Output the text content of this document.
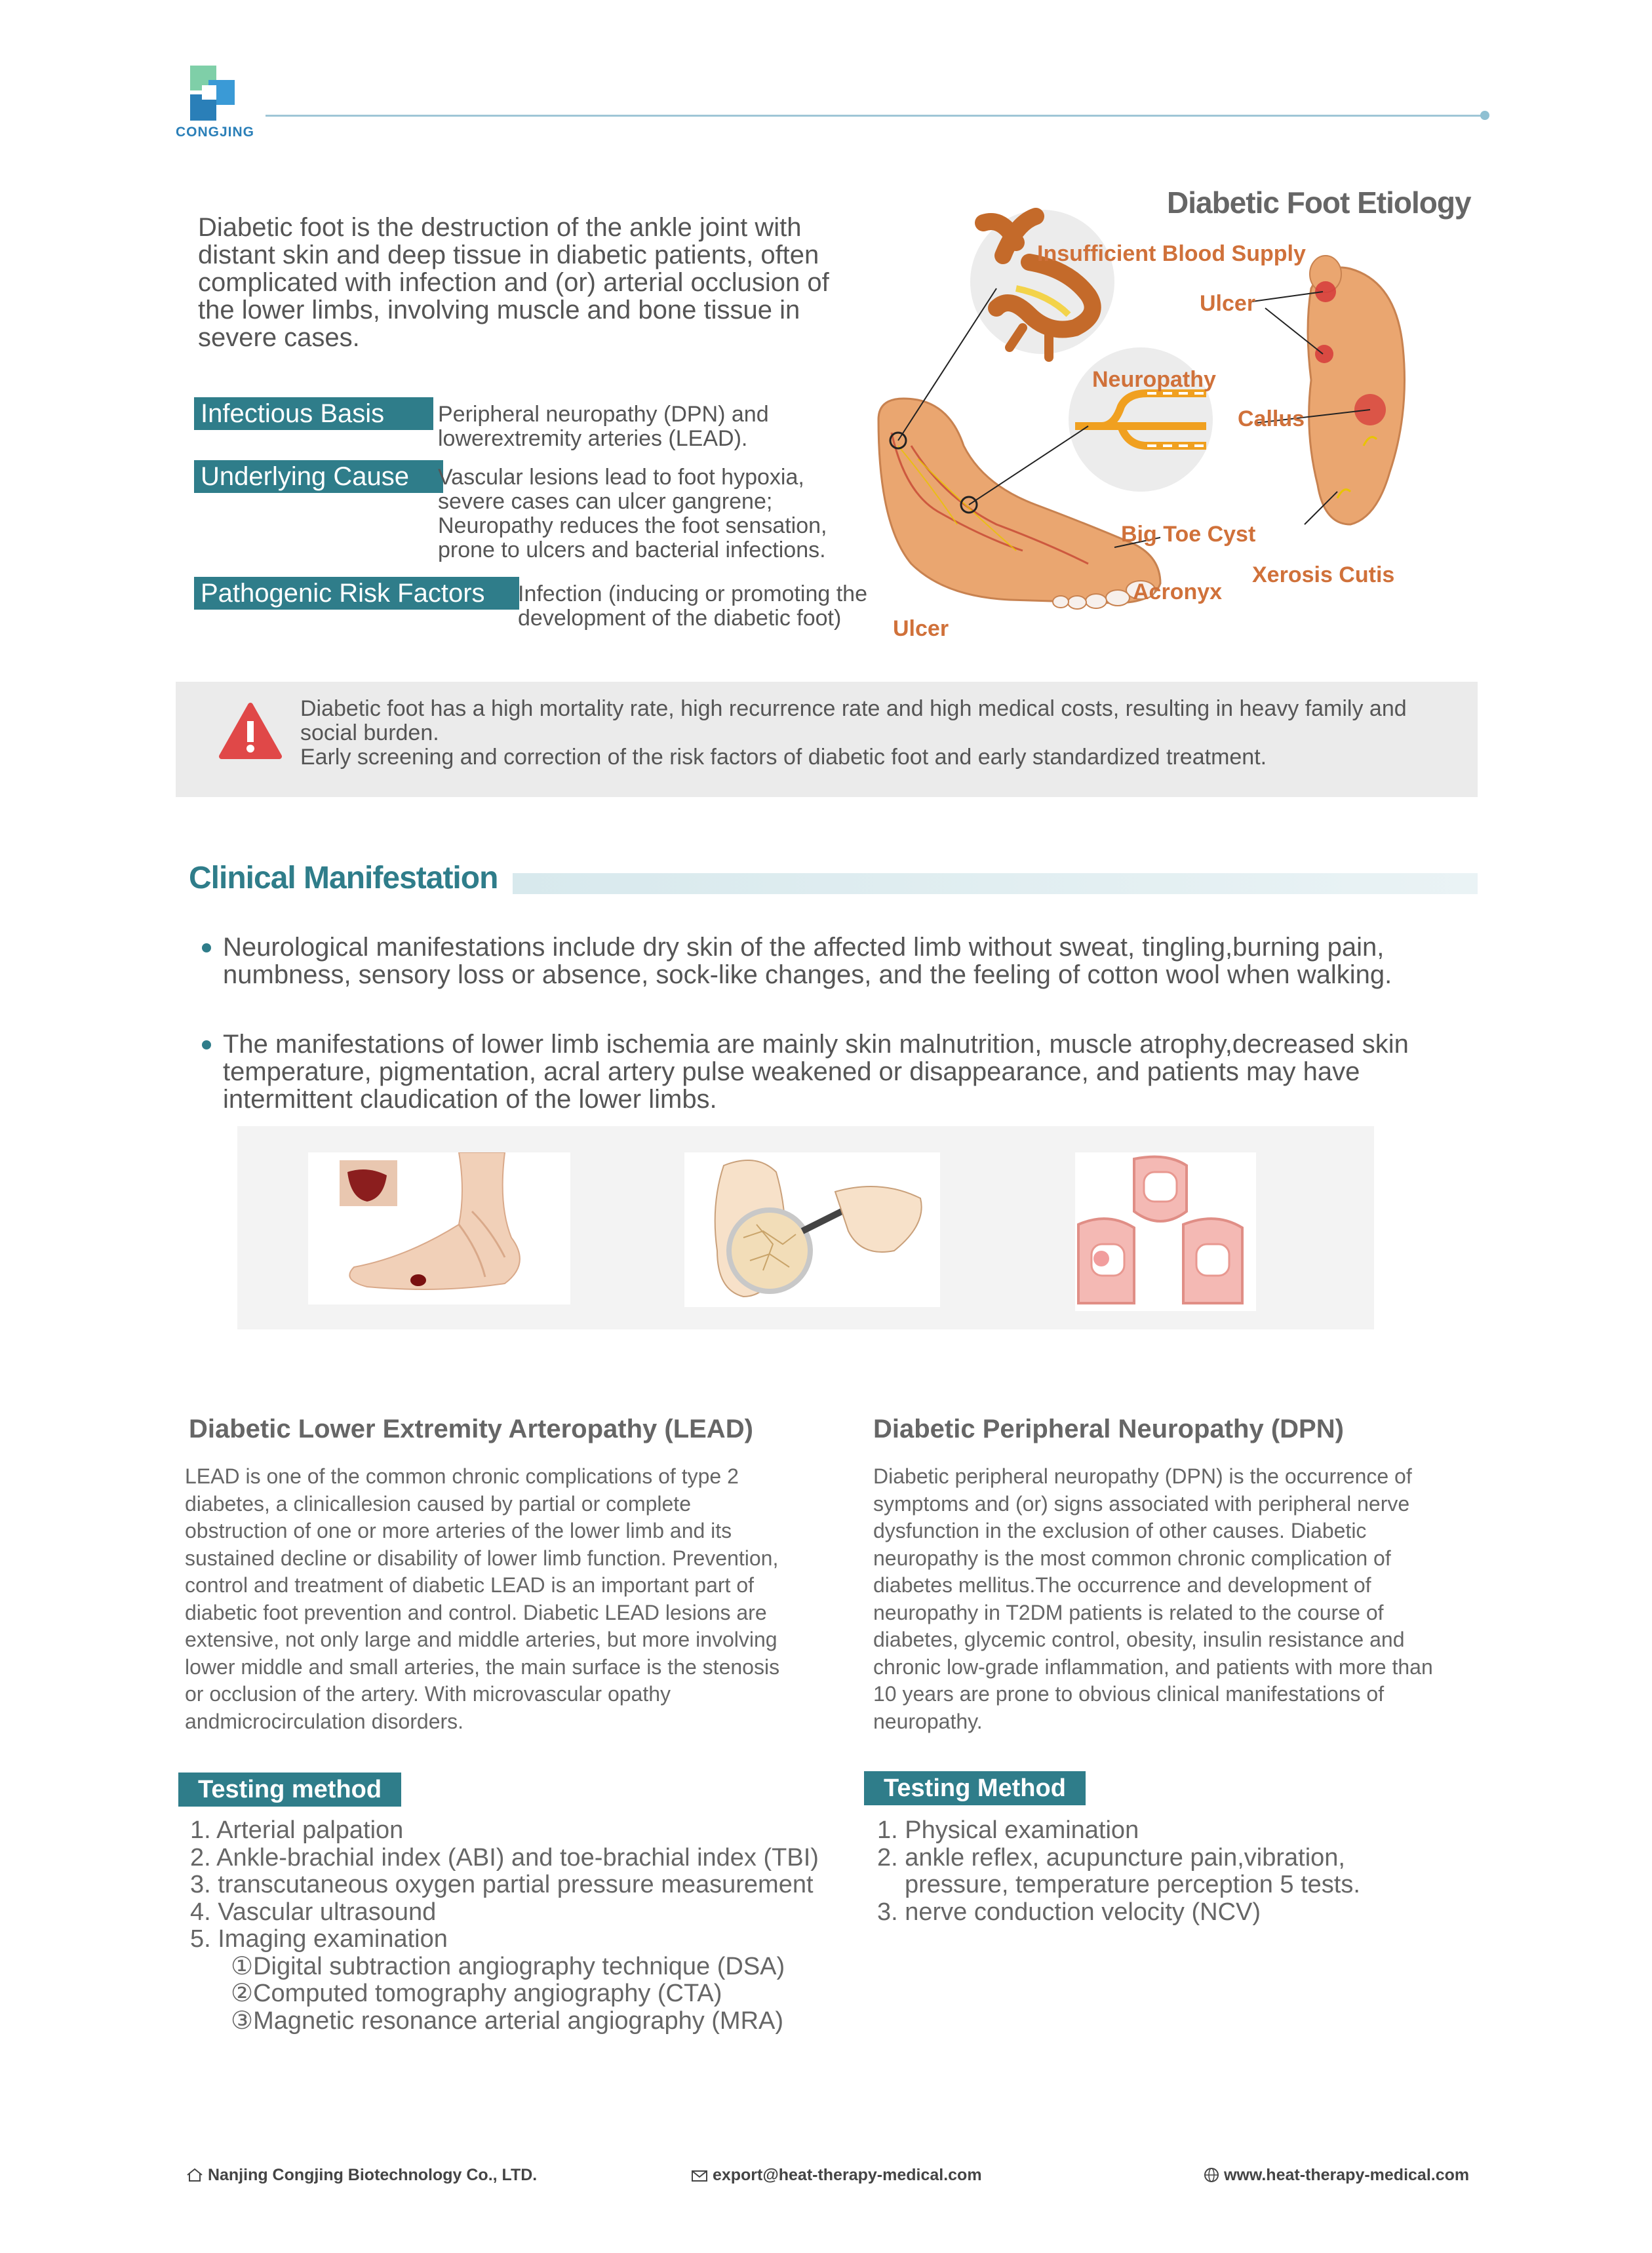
CONGJING
Diabetic foot is the destruction of the ankle joint with distant skin and deep tissue in diabetic patients, often complicated with infection and (or) arterial occlusion of the lower limbs, involving muscle and bone tissue in severe cases.
Infectious Basis	Peripheral neuropathy (DPN) and lowerextremity arteries (LEAD).
Underlying Cause	Vascular lesions lead to foot hypoxia, severe cases can ulcer gangrene; Neuropathy reduces the foot sensation, prone to ulcers and bacterial infections.
Pathogenic Risk Factors	Infection (inducing or promoting the development of the diabetic foot)
Diabetic Foot Etiology
Insufficient Blood Supply
Ulcer
Neuropathy
Callus
Big Toe Cyst
Xerosis Cutis
Acronyx
Ulcer
Diabetic foot has a high mortality rate, high recurrence rate and high medical costs, resulting in heavy family and social burden.
Early screening and correction of the risk factors of diabetic foot and early standardized treatment.
Clinical Manifestation
Neurological manifestations include dry skin of the affected limb without sweat, tingling,burning pain, numbness, sensory loss or absence, sock-like changes, and the feeling of cotton wool when walking.
The manifestations of lower limb ischemia are mainly skin malnutrition, muscle atrophy,decreased skin temperature, pigmentation, acral artery pulse weakened or disappearance, and patients may have intermittent claudication of the lower limbs.
Diabetic Lower Extremity Arteropathy (LEAD)
LEAD is one of the common chronic complications of type 2 diabetes, a clinicallesion caused by partial or complete obstruction of one or more arteries of the lower limb and its sustained decline or disability of lower limb function. Prevention, control and treatment of diabetic LEAD is an important part of diabetic foot prevention and control. Diabetic LEAD lesions are extensive, not only large and middle arteries, but more involving lower middle and small arteries, the main surface is the stenosis or occlusion of the artery. With microvascular opathy andmicrocirculation disorders.
Testing method
1. Arterial palpation
2. Ankle-brachial index (ABI) and toe-brachial index (TBI)
3. transcutaneous oxygen partial pressure measurement
4. Vascular ultrasound
5. Imaging examination
①Digital subtraction angiography technique (DSA)
②Computed tomography angiography (CTA)
③Magnetic resonance arterial angiography (MRA)
Diabetic Peripheral Neuropathy (DPN)
Diabetic peripheral neuropathy (DPN) is the occurrence of symptoms and (or) signs associated with peripheral nerve dysfunction in the exclusion of other causes. Diabetic neuropathy is the most common chronic complication of diabetes mellitus.The occurrence and development of neuropathy in T2DM patients is related to the course of diabetes, glycemic control, obesity, insulin resistance and chronic low-grade inflammation, and patients with more than 10 years are prone to obvious clinical manifestations of neuropathy.
Testing Method
1. Physical examination
2. ankle reflex, acupuncture pain,vibration,
pressure, temperature perception 5 tests.
3. nerve conduction velocity (NCV)
Nanjing Congjing Biotechnology Co., LTD.	export@heat-therapy-medical.com	www.heat-therapy-medical.com
